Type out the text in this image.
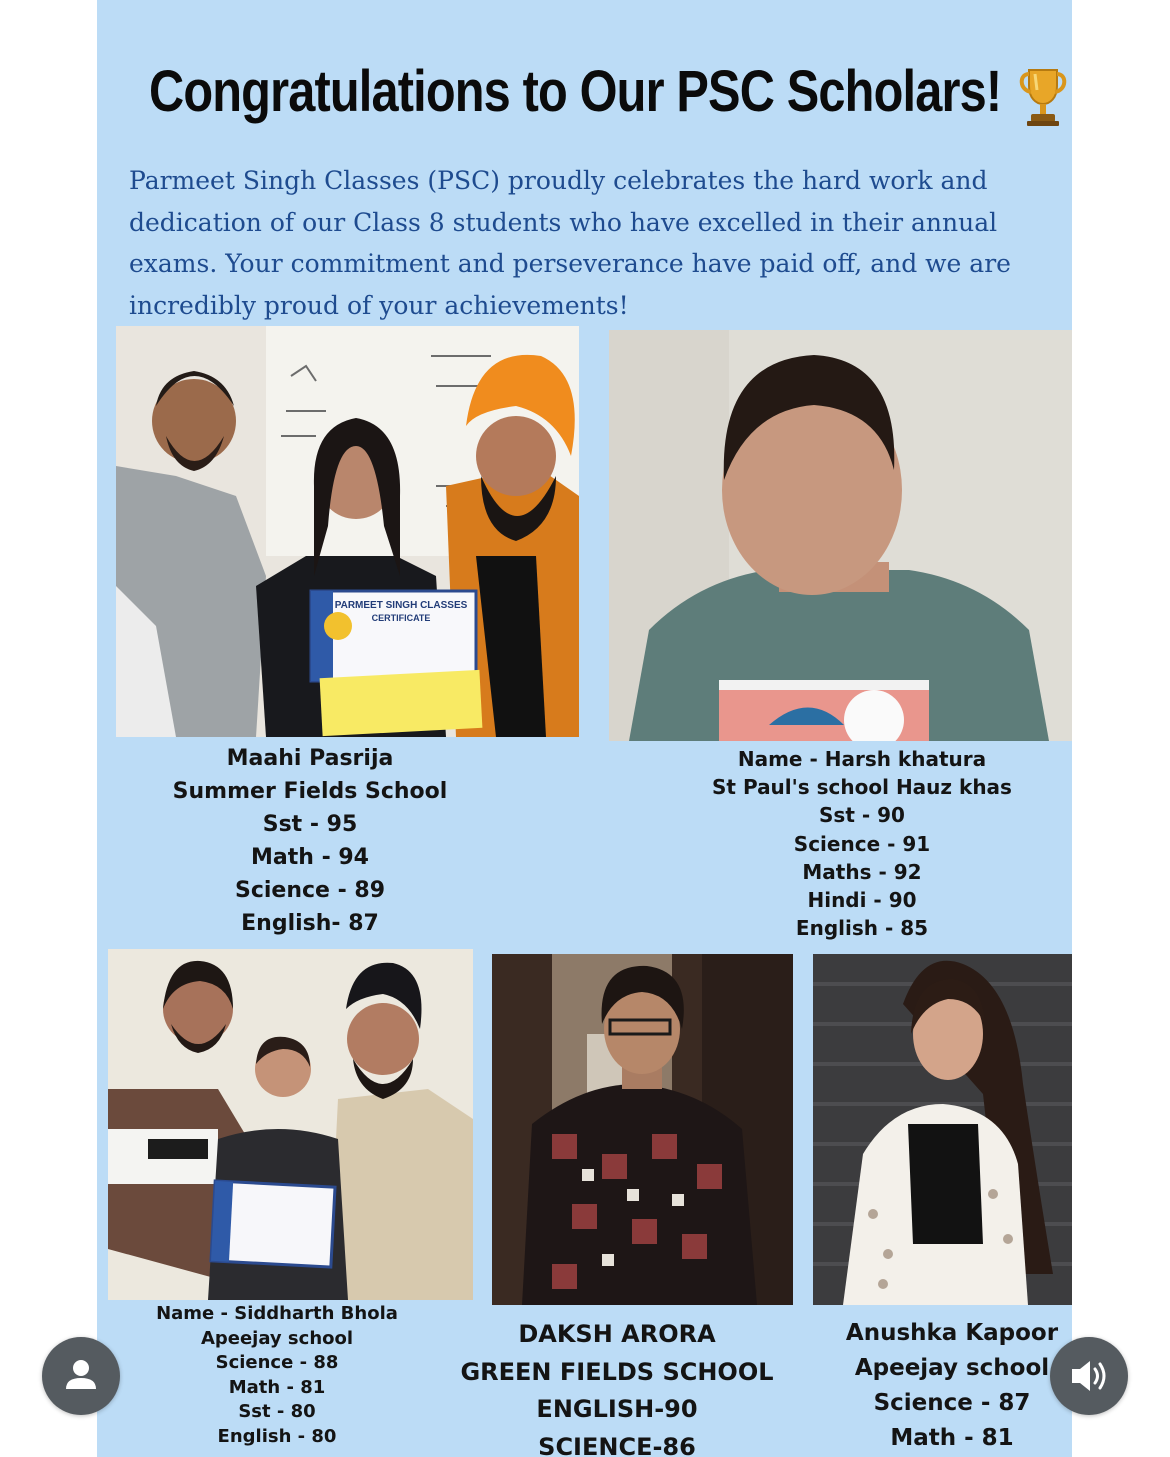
Congratulations to Our PSC Scholars!
Parmeet Singh Classes (PSC) proudly celebrates the hard work and dedication of our Class 8 students who have excelled in their annual exams. Your commitment and perseverance have paid off, and we are incredibly proud of your achievements!
PARMEET SINGH CLASSES
CERTIFICATE
Maahi Pasrija
Summer Fields School
Sst - 95
Math - 94
Science - 89
English- 87
Name - Harsh khatura
St Paul's school Hauz khas
Sst - 90
Science - 91
Maths - 92
Hindi - 90
English - 85
Name - Siddharth Bhola
Apeejay school
Science - 88
Math - 81
Sst - 80
English - 80
DAKSH ARORA
GREEN FIELDS SCHOOL
ENGLISH-90
SCIENCE-86
Anushka Kapoor
Apeejay school
Science - 87
Math - 81
